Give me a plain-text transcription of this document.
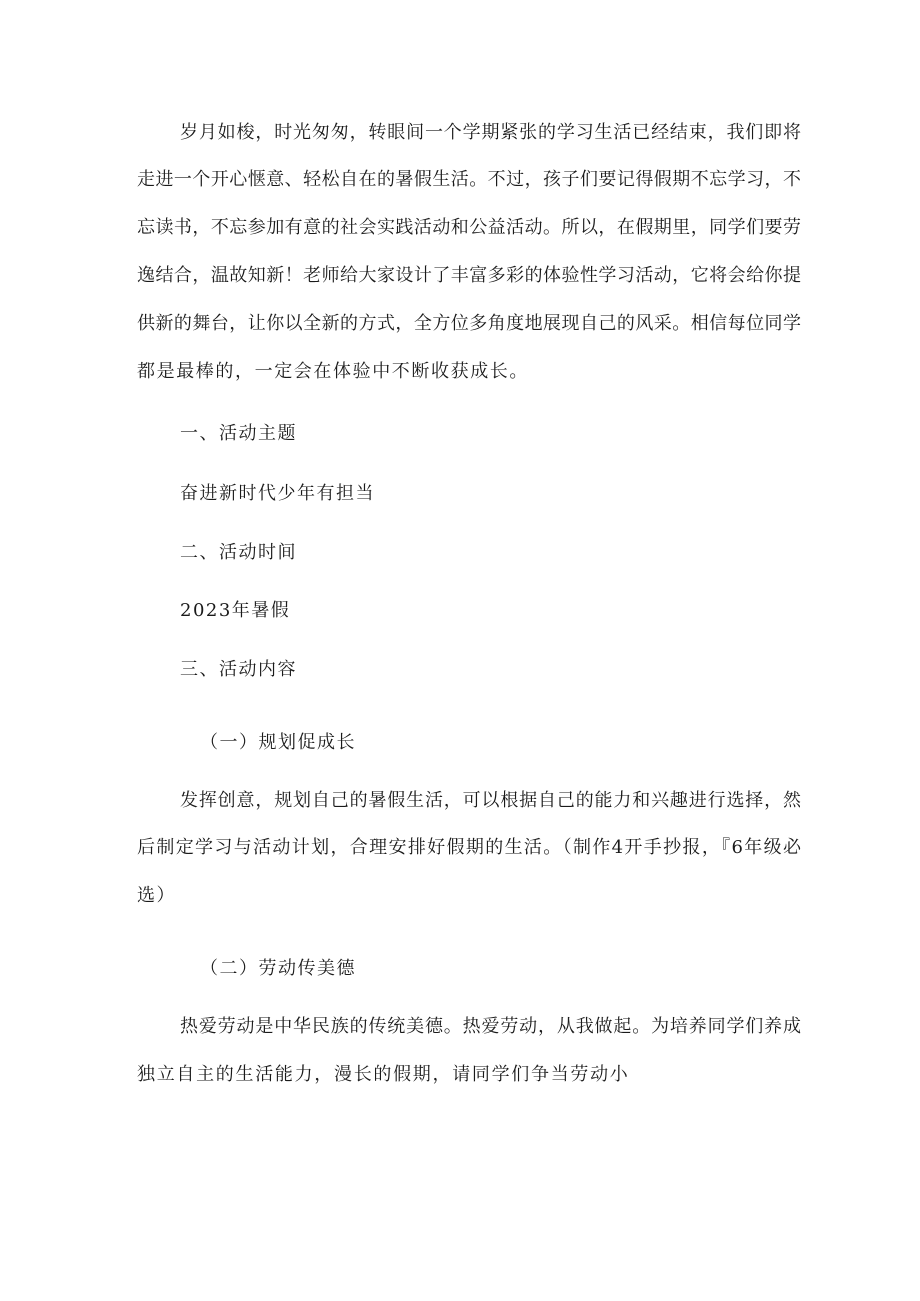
岁月如梭，时光匆匆，转眼间一个学期紧张的学习生活已经结束，我们即将
走进一个开心惬意、轻松自在的暑假生活。不过，孩子们要记得假期不忘学习，不
忘读书，不忘参加有意的社会实践活动和公益活动。所以，在假期里，同学们要劳
逸结合，温故知新！老师给大家设计了丰富多彩的体验性学习活动，它将会给你提
供新的舞台，让你以全新的方式，全方位多角度地展现自己的风采。相信每位同学
都是最棒的，一定会在体验中不断收获成长。
一、活动主题
奋进新时代少年有担当
二、活动时间
2023年暑假
三、活动内容
（一）规划促成长
发挥创意，规划自己的暑假生活，可以根据自己的能力和兴趣进行选择，然
后制定学习与活动计划，合理安排好假期的生活。（制作4开手抄报，『6年级必
选）
（二）劳动传美德
热爱劳动是中华民族的传统美德。热爱劳动，从我做起。为培养同学们养成
独立自主的生活能力，漫长的假期，请同学们争当劳动小
